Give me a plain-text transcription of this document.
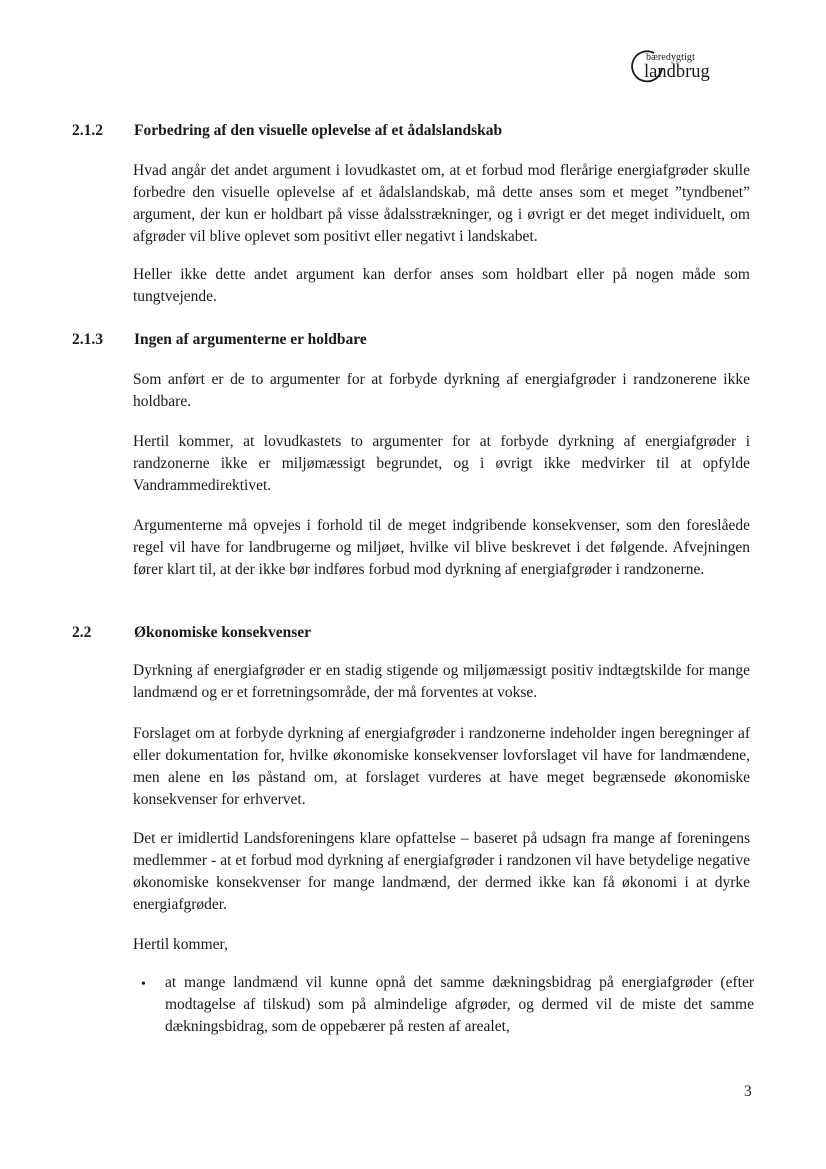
bæredygtigt
landbrug
2.1.2 Forbedring af den visuelle oplevelse af et ådalslandskab

Hvad angår det andet argument i lovudkastet om, at et forbud mod flerårige energiafgrøder skulle forbedre den visuelle oplevelse af et ådalslandskab, må dette anses som et meget ”tyndbenet” argument, der kun er holdbart på visse ådalsstrækninger, og i øvrigt er det meget individuelt, om afgrøder vil blive oplevet som positivt eller negativt i landskabet.

Heller ikke dette andet argument kan derfor anses som holdbart eller på nogen måde som tungtvejende.

2.1.3 Ingen af argumenterne er holdbare

Som anført er de to argumenter for at forbyde dyrkning af energiafgrøder i randzonerene ikke holdbare.

Hertil kommer, at lovudkastets to argumenter for at forbyde dyrkning af energiafgrøder i randzonerne ikke er miljømæssigt begrundet, og i øvrigt ikke medvirker til at opfylde Vandrammedirektivet.

Argumenterne må opvejes i forhold til de meget indgribende konsekvenser, som den foreslåede regel vil have for landbrugerne og miljøet, hvilke vil blive beskrevet i det følgende. Afvejningen fører klart til, at der ikke bør indføres forbud mod dyrkning af energiafgrøder i randzonerne.

2.2	Økonomiske konsekvenser

Dyrkning af energiafgrøder er en stadig stigende og miljømæssigt positiv indtægtskilde for mange landmænd og er et forretningsområde, der må forventes at vokse.

Forslaget om at forbyde dyrkning af energiafgrøder i randzonerne indeholder ingen beregninger af eller dokumentation for, hvilke økonomiske konsekvenser lovforslaget vil have for landmændene, men alene en løs påstand om, at forslaget vurderes at have meget begrænsede økonomiske konsekvenser for erhvervet.

Det er imidlertid Landsforeningens klare opfattelse – baseret på udsagn fra mange af foreningens medlemmer - at et forbud mod dyrkning af energiafgrøder i randzonen vil have betydelige negative økonomiske konsekvenser for mange landmænd, der dermed ikke kan få økonomi i at dyrke energiafgrøder.

Hertil kommer,

• at mange landmænd vil kunne opnå det samme dækningsbidrag på energiafgrøder (efter modtagelse af tilskud) som på almindelige afgrøder, og dermed vil de miste det samme dækningsbidrag, som de oppebærer på resten af arealet,

3
